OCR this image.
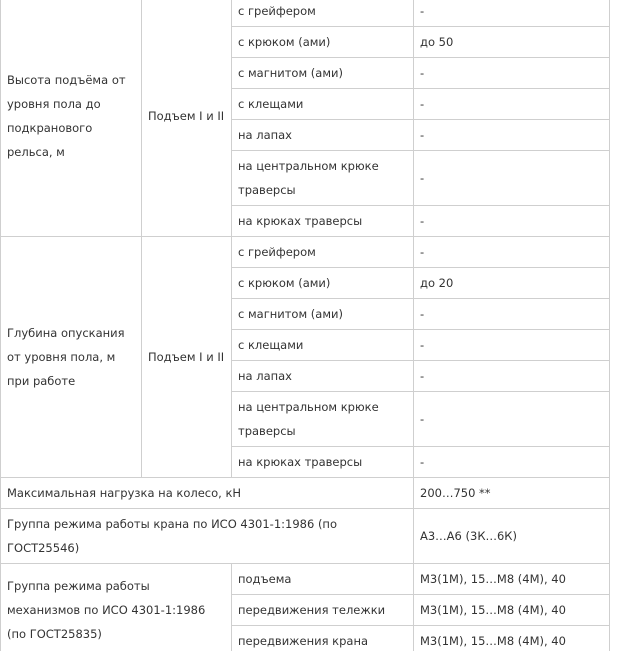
Высота подъёма от уровня пола до подкранового рельса, м	Подъем I и II	с грейфером	-
		с крюком (ами)	до 50
		с магнитом (ами)	-
		с клещами	-
		на лапах	-
		на центральном крюке траверсы	-
		на крюках траверсы	-
Глубина опускания от уровня пола, м при работе	Подъем I и II	с грейфером	-
		с крюком (ами)	до 20
		с магнитом (ами)	-
		с клещами	-
		на лапах	-
		на центральном крюке траверсы	-
		на крюках траверсы	-
Максимальная нагрузка на колесо, кН			200…750 **
Группа режима работы крана по ИСО 4301-1:1986 (по ГОСТ25546)			А3…А6 (3К…6К)
Группа режима работы механизмов по ИСО 4301-1:1986 (по ГОСТ25835)		подъема	М3(1М), 15…М8 (4М), 40
		передвижения тележки	М3(1М), 15…М8 (4М), 40
		передвижения крана	М3(1М), 15…М8 (4М), 40
